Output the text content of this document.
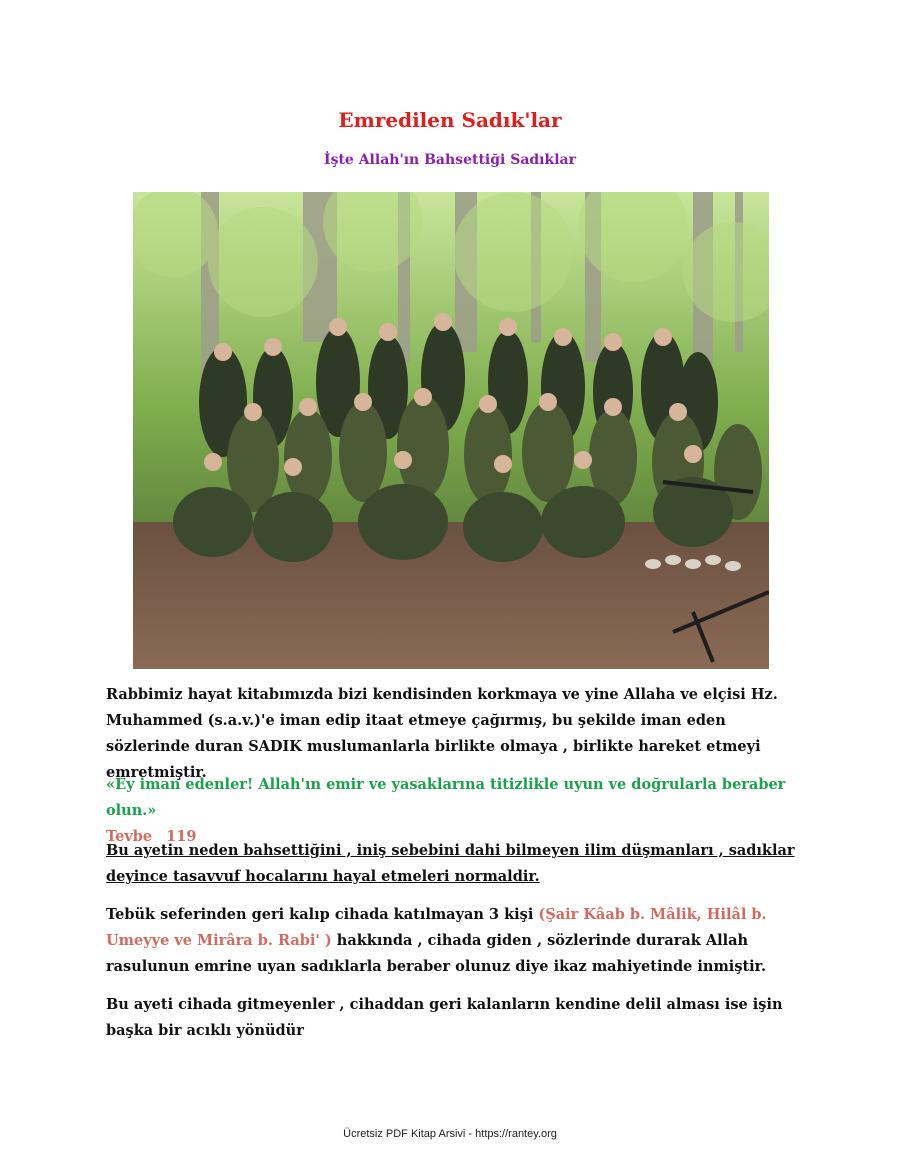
Emredilen Sadık'lar
İşte Allah'ın Bahsettiği Sadıklar
Rabbimiz hayat kitabımızda bizi kendisinden korkmaya ve yine Allaha ve elçisi Hz. Muhammed (s.a.v.)'e iman edip itaat etmeye çağırmış, bu şekilde iman eden sözlerinde duran SADIK muslumanlarla birlikte olmaya , birlikte hareket etmeyi emretmiştir.
«Ey iman edenler! Allah'ın emir ve yasaklarına titizlikle uyun ve doğrularla beraber olun.»
Tevbe 119
Bu ayetin neden bahsettiğini , iniş sebebini dahi bilmeyen ilim düşmanları , sadıklar deyince tasavvuf hocalarını hayal etmeleri normaldir.
Tebük seferinden geri kalıp cihada katılmayan 3 kişi (Şair Kâab b. Mâlik, Hilâl b. Umeyye ve Mirâra b. Rabi' ) hakkında , cihada giden , sözlerinde durarak Allah rasulunun emrine uyan sadıklarla beraber olunuz diye ikaz mahiyetinde inmiştir.
Bu ayeti cihada gitmeyenler , cihaddan geri kalanların kendine delil alması ise işin başka bir acıklı yönüdür
Ücretsiz PDF Kitap Arsivi - https://rantey.org
